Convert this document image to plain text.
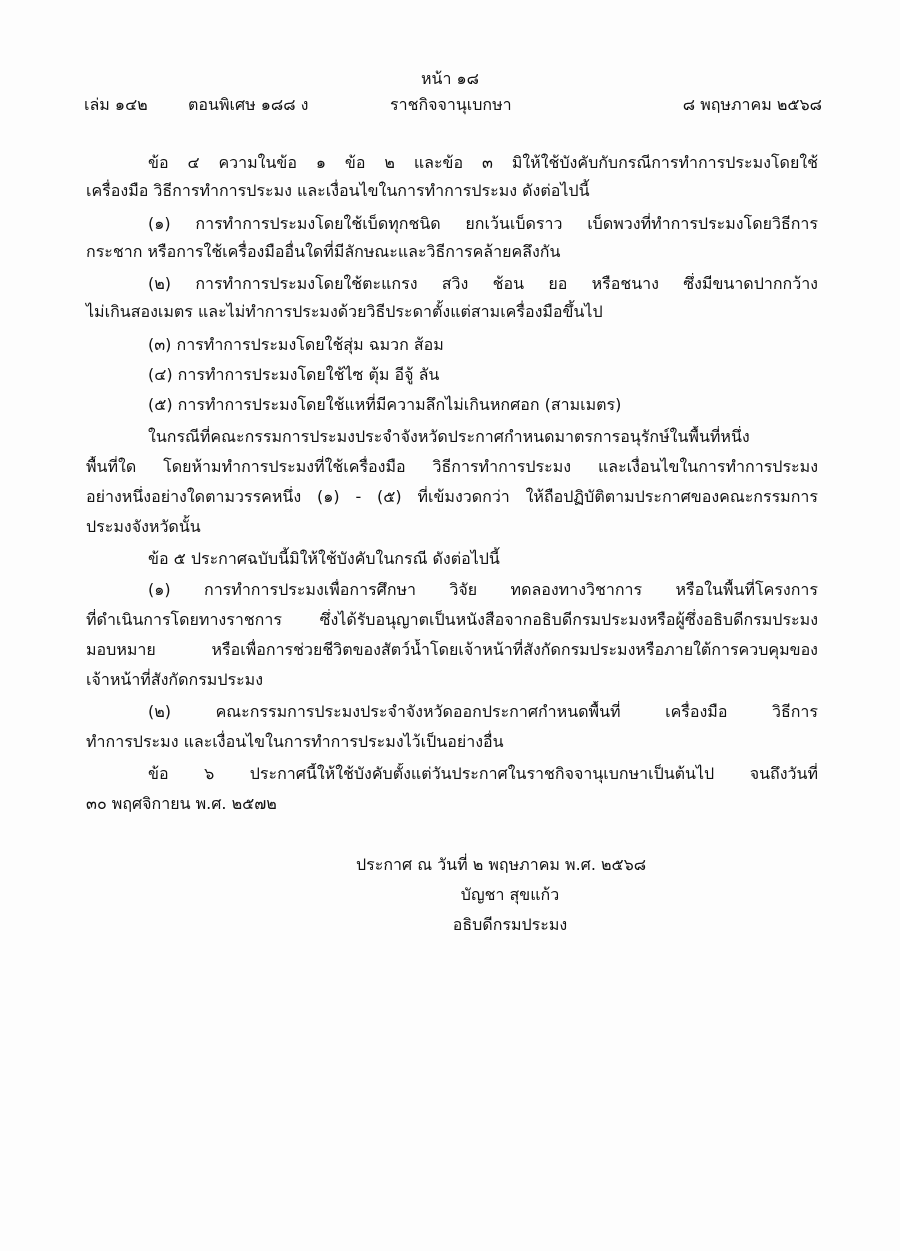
หน้า ๑๘
เล่ม ๑๔๒	ตอนพิเศษ ๑๘๘ ง	ราชกิจจานุเบกษา	๘ พฤษภาคม ๒๕๖๘
ข้อ ๔ ความในข้อ ๑ ข้อ ๒ และข้อ ๓ มิให้ใช้บังคับกับกรณีการทำการประมงโดยใช้
เครื่องมือ วิธีการทำการประมง และเงื่อนไขในการทำการประมง ดังต่อไปนี้
(๑) การทำการประมงโดยใช้เบ็ดทุกชนิด ยกเว้นเบ็ดราว เบ็ดพวงที่ทำการประมงโดยวิธีการ
กระชาก หรือการใช้เครื่องมืออื่นใดที่มีลักษณะและวิธีการคล้ายคลึงกัน
(๒) การทำการประมงโดยใช้ตะแกรง สวิง ช้อน ยอ หรือชนาง ซึ่งมีขนาดปากกว้าง
ไม่เกินสองเมตร และไม่ทำการประมงด้วยวิธีประดาตั้งแต่สามเครื่องมือขึ้นไป
(๓) การทำการประมงโดยใช้สุ่ม ฉมวก ส้อม
(๔) การทำการประมงโดยใช้ไซ ตุ้ม อีจู้ ลัน
(๕) การทำการประมงโดยใช้แหที่มีความลึกไม่เกินหกศอก (สามเมตร)
ในกรณีที่คณะกรรมการประมงประจำจังหวัดประกาศกำหนดมาตรการอนุรักษ์ในพื้นที่หนึ่ง
พื้นที่ใด โดยห้ามทำการประมงที่ใช้เครื่องมือ วิธีการทำการประมง และเงื่อนไขในการทำการประมง
อย่างหนึ่งอย่างใดตามวรรคหนึ่ง (๑) - (๕) ที่เข้มงวดกว่า ให้ถือปฏิบัติตามประกาศของคณะกรรมการ
ประมงจังหวัดนั้น
ข้อ ๕ ประกาศฉบับนี้มิให้ใช้บังคับในกรณี ดังต่อไปนี้
(๑) การทำการประมงเพื่อการศึกษา วิจัย ทดลองทางวิชาการ หรือในพื้นที่โครงการ
ที่ดำเนินการโดยทางราชการ ซึ่งได้รับอนุญาตเป็นหนังสือจากอธิบดีกรมประมงหรือผู้ซึ่งอธิบดีกรมประมง
มอบหมาย หรือเพื่อการช่วยชีวิตของสัตว์น้ำโดยเจ้าหน้าที่สังกัดกรมประมงหรือภายใต้การควบคุมของ
เจ้าหน้าที่สังกัดกรมประมง
(๒) คณะกรรมการประมงประจำจังหวัดออกประกาศกำหนดพื้นที่ เครื่องมือ วิธีการ
ทำการประมง และเงื่อนไขในการทำการประมงไว้เป็นอย่างอื่น
ข้อ ๖ ประกาศนี้ให้ใช้บังคับตั้งแต่วันประกาศในราชกิจจานุเบกษาเป็นต้นไป จนถึงวันที่
๓๐ พฤศจิกายน พ.ศ. ๒๕๗๒
ประกาศ ณ วันที่ ๒ พฤษภาคม พ.ศ. ๒๕๖๘
บัญชา สุขแก้ว
อธิบดีกรมประมง
